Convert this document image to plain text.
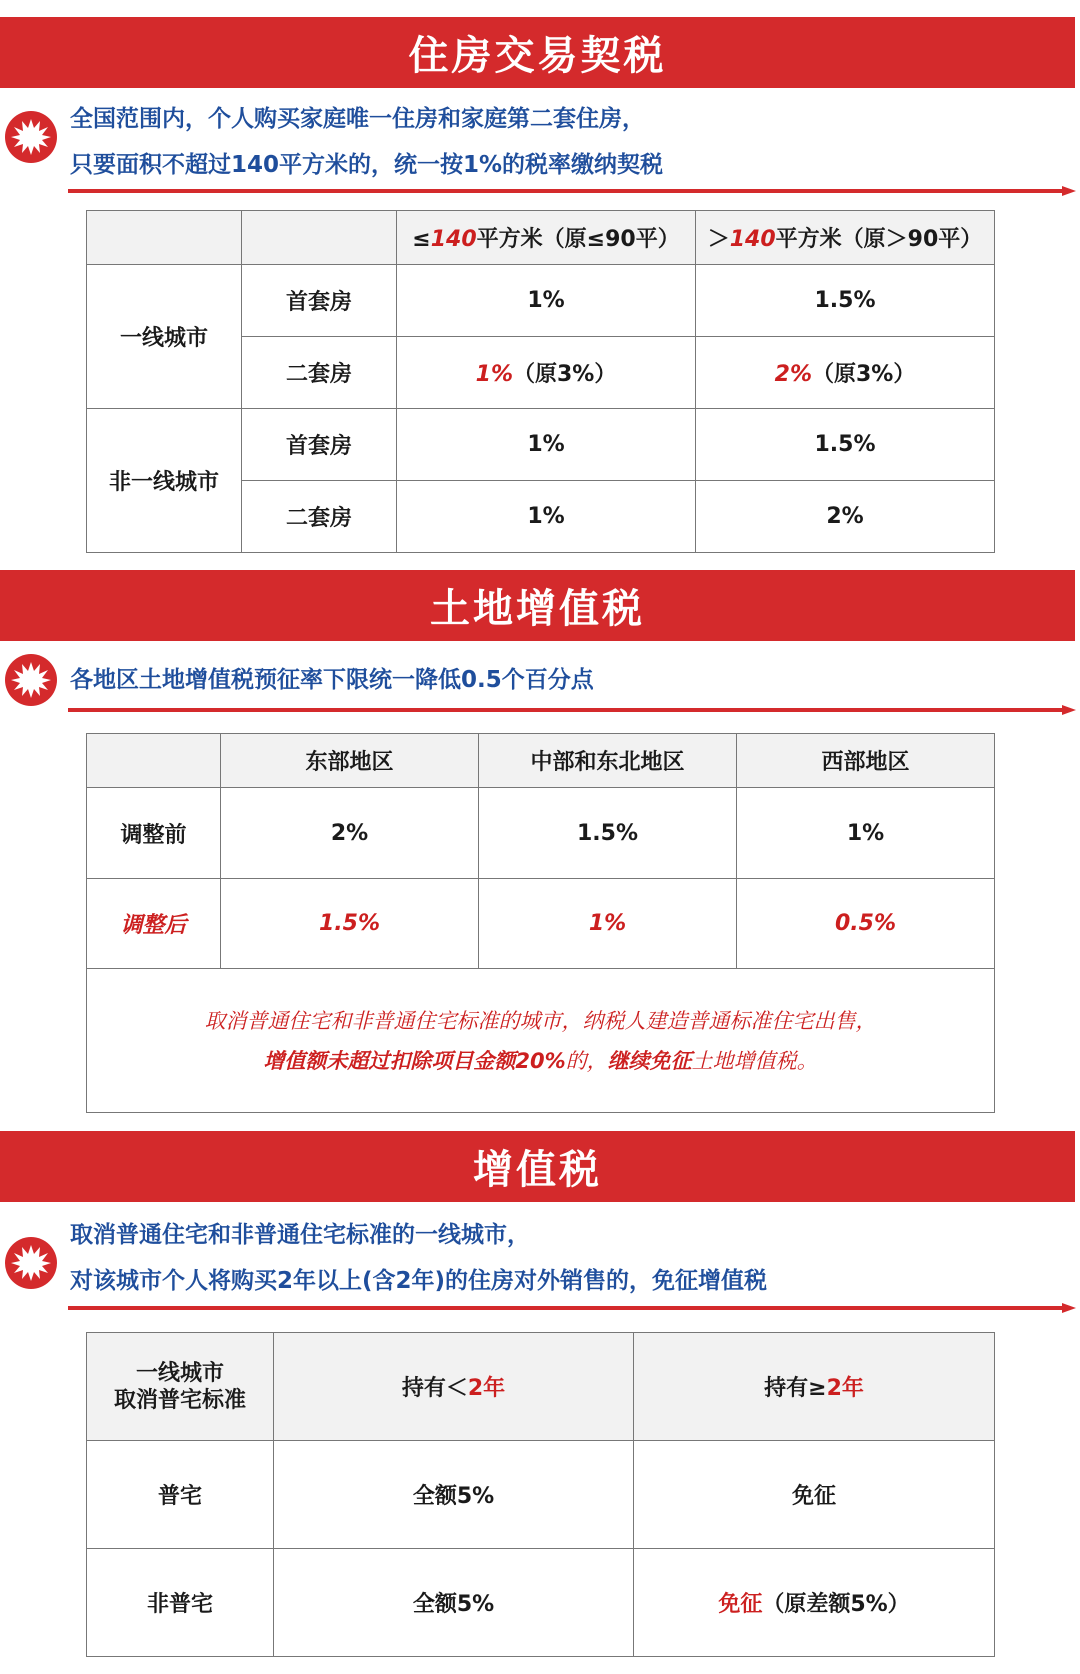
住房交易契税
全国范围内，个人购买家庭唯一住房和家庭第二套住房，
只要面积不超过140平方米的，统一按1%的税率缴纳契税
		≤140平方米（原≤90平）	＞140平方米（原＞90平）
一线城市	首套房	1%	1.5%
	二套房	1%（原3%）	2%（原3%）
非一线城市	首套房	1%	1.5%
	二套房	1%	2%
土地增值税
各地区土地增值税预征率下限统一降低0.5个百分点
	东部地区	中部和东北地区	西部地区
调整前	2%	1.5%	1%
调整后	1.5%	1%	0.5%
取消普通住宅和非普通住宅标准的城市，纳税人建造普通标准住宅出售，
增值额未超过扣除项目金额20%的，继续免征土地增值税。			
增值税
取消普通住宅和非普通住宅标准的一线城市，
对该城市个人将购买2年以上(含2年)的住房对外销售的，免征增值税
一线城市
取消普宅标准	持有＜2年	持有≥2年
普宅	全额5%	免征
非普宅	全额5%	免征（原差额5%）
